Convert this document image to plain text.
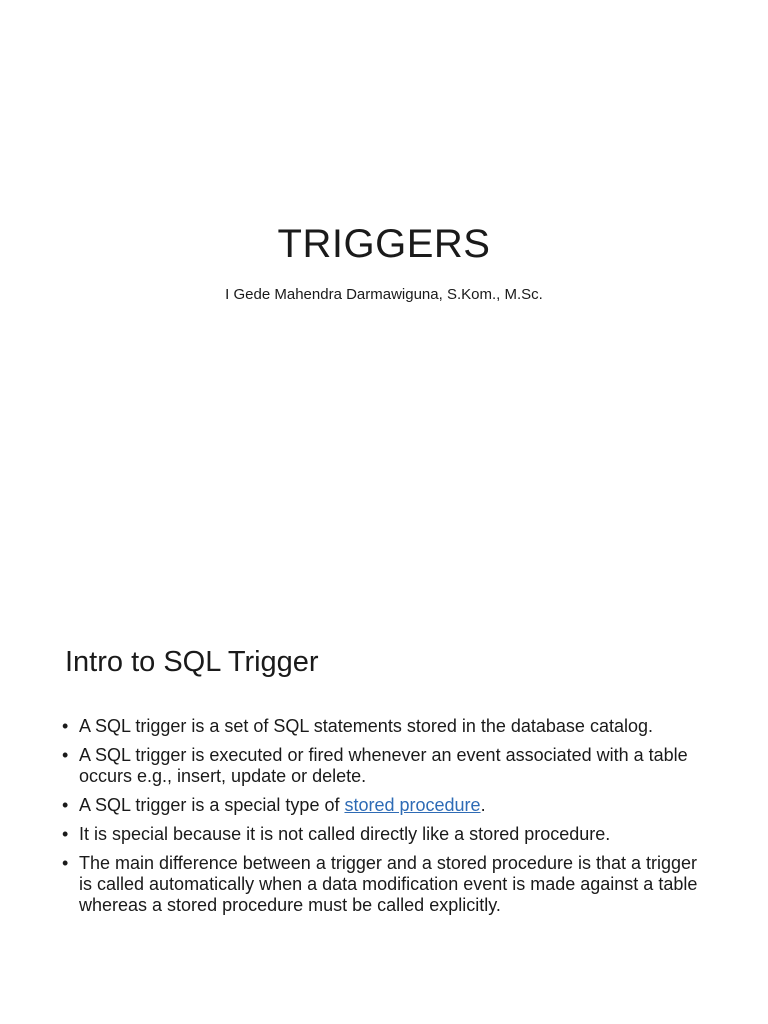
TRIGGERS

I Gede Mahendra Darmawiguna, S.Kom., M.Sc.

Intro to SQL Trigger
• A SQL trigger is a set of SQL statements stored in the database catalog.
• A SQL trigger is executed or fired whenever an event associated with a table occurs e.g., insert, update or delete.
• A SQL trigger is a special type of stored procedure.
• It is special because it is not called directly like a stored procedure.
• The main difference between a trigger and a stored procedure is that a trigger is called automatically when a data modification event is made against a table whereas a stored procedure must be called explicitly.
